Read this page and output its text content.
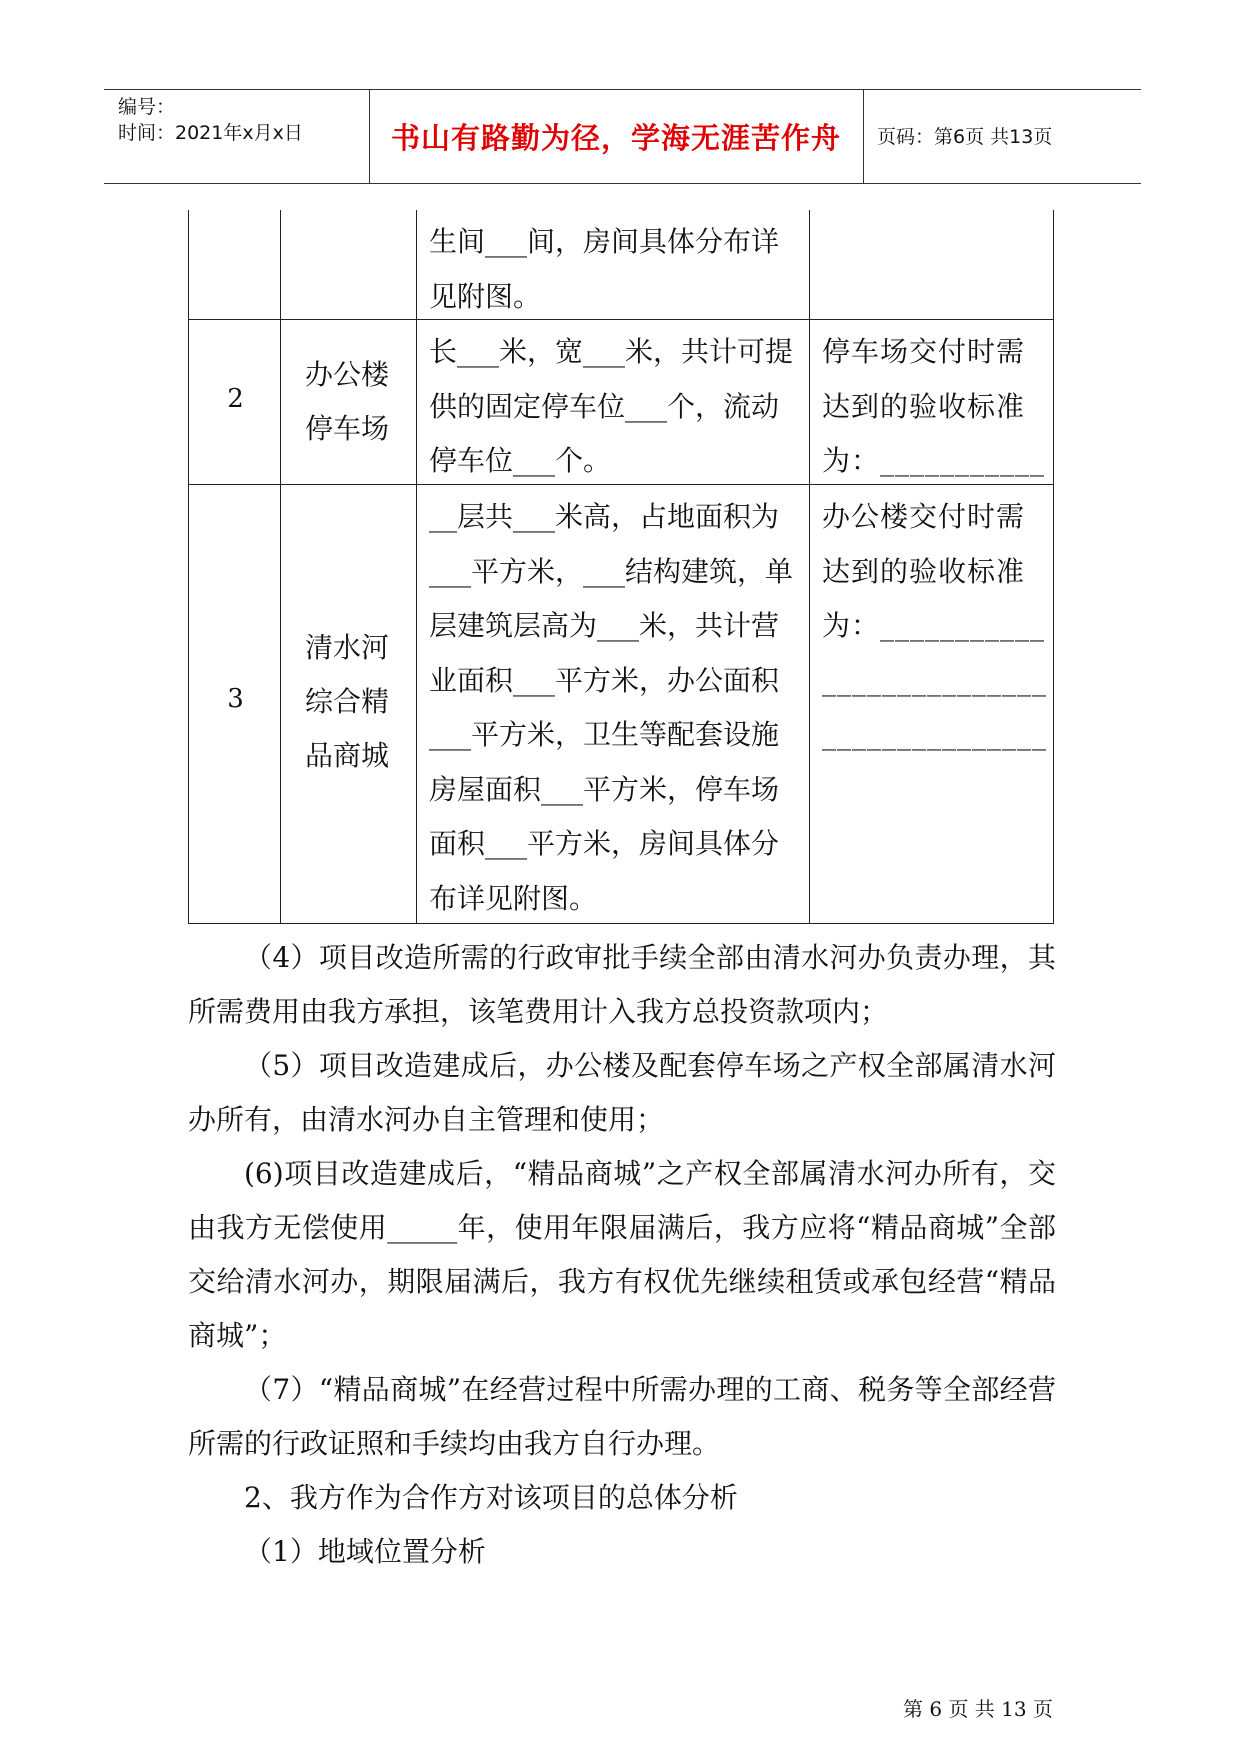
编号：
时间：2021年x月x日	书山有路勤为径，学海无涯苦作舟	页码：第6页 共13页
生间___间，房间具体分布详
见附图。
2
办公楼
停车场
长___米，宽___米，共计可提
供的固定停车位___个，流动
停车位___个。
停车场交付时需
达到的验收标准
为：___________
3
清水河
综合精
品商城
__层共___米高，占地面积为
___平方米，___结构建筑，单
层建筑层高为___米，共计营
业面积___平方米，办公面积
___平方米，卫生等配套设施
房屋面积___平方米，停车场
面积___平方米，房间具体分
布详见附图。
办公楼交付时需
达到的验收标准
为：___________
_______________
_______________
（4）项目改造所需的行政审批手续全部由清水河办负责办理，其所需费用由我方承担，该笔费用计入我方总投资款项内；
（5）项目改造建成后，办公楼及配套停车场之产权全部属清水河办所有，由清水河办自主管理和使用；
(6)项目改造建成后，“精品商城”之产权全部属清水河办所有，交由我方无偿使用_____年，使用年限届满后，我方应将“精品商城”全部交给清水河办，期限届满后，我方有权优先继续租赁或承包经营“精品商城”；
（7）“精品商城”在经营过程中所需办理的工商、税务等全部经营所需的行政证照和手续均由我方自行办理。
2、我方作为合作方对该项目的总体分析
（1）地域位置分析
第 6 页 共 13 页
